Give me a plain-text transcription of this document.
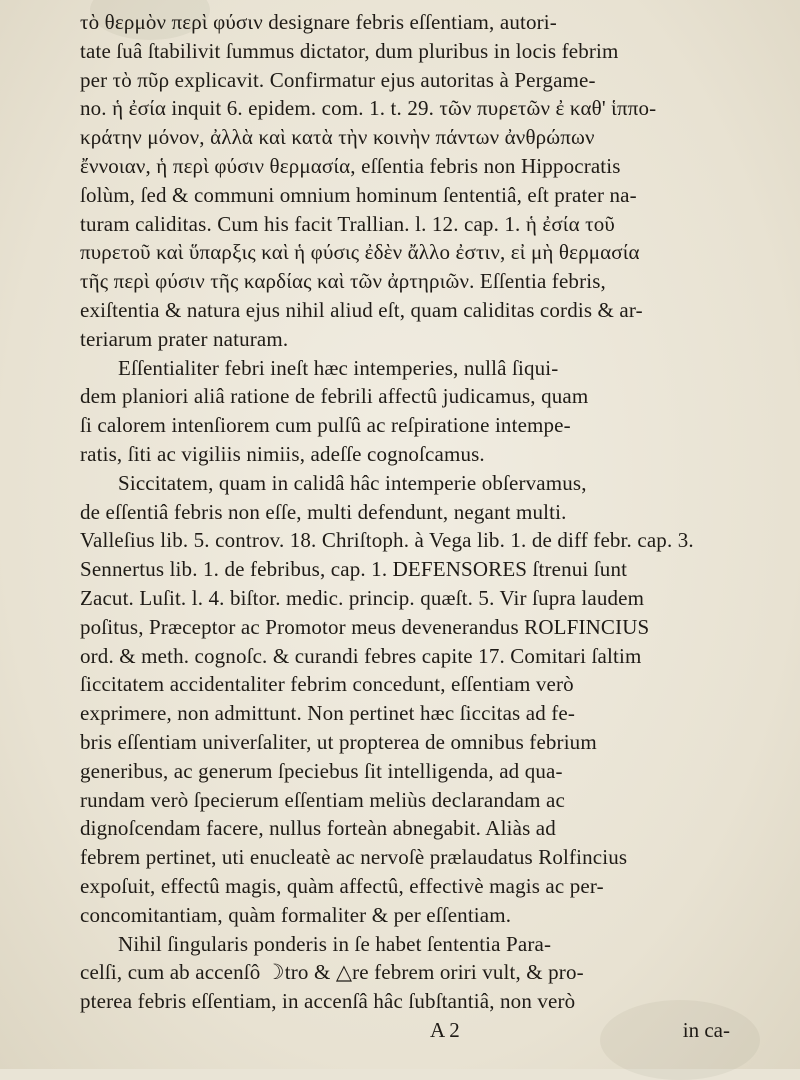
τὸ θερμὸν περὶ φύσιν designare febris eſſentiam, autori-

tate ſuâ ſtabilivit ſummus dictator, dum pluribus in locis febrim

per τὸ πῦρ explicavit. Confirmatur ejus autoritas à Pergame-

no. ἡ ἐσία inquit 6. epidem. com. 1. t. 29. τῶν πυρετῶν ἐ καθ' ἱππο-

κράτην μόνον, ἀλλὰ καὶ κατὰ τὴν κοινὴν πάντων ἀνθρώπων

ἔννοιαν, ἡ περὶ φύσιν θερμασία, eſſentia febris non Hippocratis

ſolùm, ſed & communi omnium hominum ſententiâ, eſt prater na-

turam caliditas. Cum his facit Trallian. l. 12. cap. 1. ἡ ἐσία τοῦ

πυρετοῦ καὶ ὕπαρξις καὶ ἡ φύσις ἐδὲν ἄλλο ἐστιν, εἰ μὴ θερμασία

τῆς περὶ φύσιν τῆς καρδίας καὶ τῶν ἀρτηριῶν. Eſſentia febris,

exiſtentia & natura ejus nihil aliud eſt, quam caliditas cordis & ar-

teriarum prater naturam.

Eſſentialiter febri ineſt hæc intemperies, nullâ ſiqui-

dem planiori aliâ ratione de febrili affectû judicamus, quam

ſi calorem intenſiorem cum pulſû ac reſpiratione intempe-

ratis, ſiti ac vigiliis nimiis, adeſſe cognoſcamus.

Siccitatem, quam in calidâ hâc intemperie obſervamus,

de eſſentiâ febris non eſſe, multi defendunt, negant multi.

Valleſius lib. 5. controv. 18. Chriſtoph. à Vega lib. 1. de diff febr. cap. 3.

Sennertus lib. 1. de febribus, cap. 1. DEFENSORES ſtrenui ſunt

Zacut. Luſit. l. 4. biſtor. medic. princip. quæſt. 5. Vir ſupra laudem

poſitus, Præceptor ac Promotor meus devenerandus ROLFINCIUS

ord. & meth. cognoſc. & curandi febres capite 17. Comitari ſaltim

ſiccitatem accidentaliter febrim concedunt, eſſentiam verò

exprimere, non admittunt. Non pertinet hæc ſiccitas ad fe-

bris eſſentiam univerſaliter, ut propterea de omnibus febrium

generibus, ac generum ſpeciebus ſit intelligenda, ad qua-

rundam verò ſpecierum eſſentiam meliùs declarandam ac

dignoſcendam facere, nullus forteàn abnegabit. Aliàs ad

febrem pertinet, uti enucleatè ac nervoſè prælaudatus Rolfincius

expoſuit, effectû magis, quàm affectû, effectivè magis ac per-

concomitantiam, quàm formaliter & per eſſentiam.

Nihil ſingularis ponderis in ſe habet ſententia Para-

celſi, cum ab accenſô ☽tro & △re febrem oriri vult, & pro-

pterea febris eſſentiam, in accenſâ hâc ſubſtantiâ, non verò

A 2	in ca-
